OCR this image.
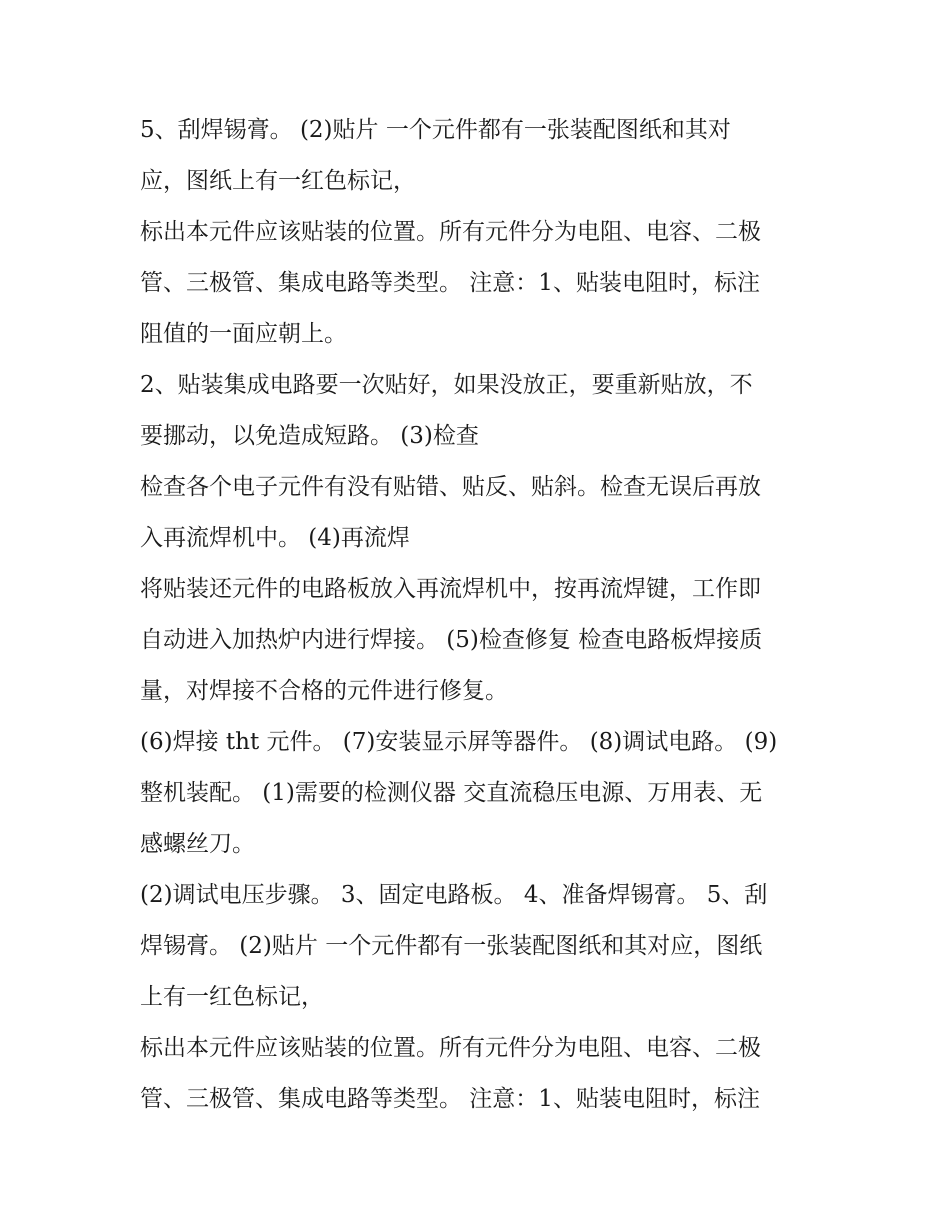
5、刮焊锡膏。 (2)贴片 一个元件都有一张装配图纸和其对
应，图纸上有一红色标记，
标出本元件应该贴装的位置。所有元件分为电阻、电容、二极
管、三极管、集成电路等类型。 注意：1、贴装电阻时，标注
阻值的一面应朝上。
2、贴装集成电路要一次贴好，如果没放正，要重新贴放，不
要挪动，以免造成短路。 (3)检查
检查各个电子元件有没有贴错、贴反、贴斜。检查无误后再放
入再流焊机中。 (4)再流焊
将贴装还元件的电路板放入再流焊机中，按再流焊键，工作即
自动进入加热炉内进行焊接。 (5)检查修复 检查电路板焊接质
量，对焊接不合格的元件进行修复。
(6)焊接 tht 元件。 (7)安装显示屏等器件。 (8)调试电路。 (9)
整机装配。 (1)需要的检测仪器 交直流稳压电源、万用表、无
感螺丝刀。
(2)调试电压步骤。 3、固定电路板。 4、准备焊锡膏。 5、刮
焊锡膏。 (2)贴片 一个元件都有一张装配图纸和其对应，图纸
上有一红色标记，
标出本元件应该贴装的位置。所有元件分为电阻、电容、二极
管、三极管、集成电路等类型。 注意：1、贴装电阻时，标注
